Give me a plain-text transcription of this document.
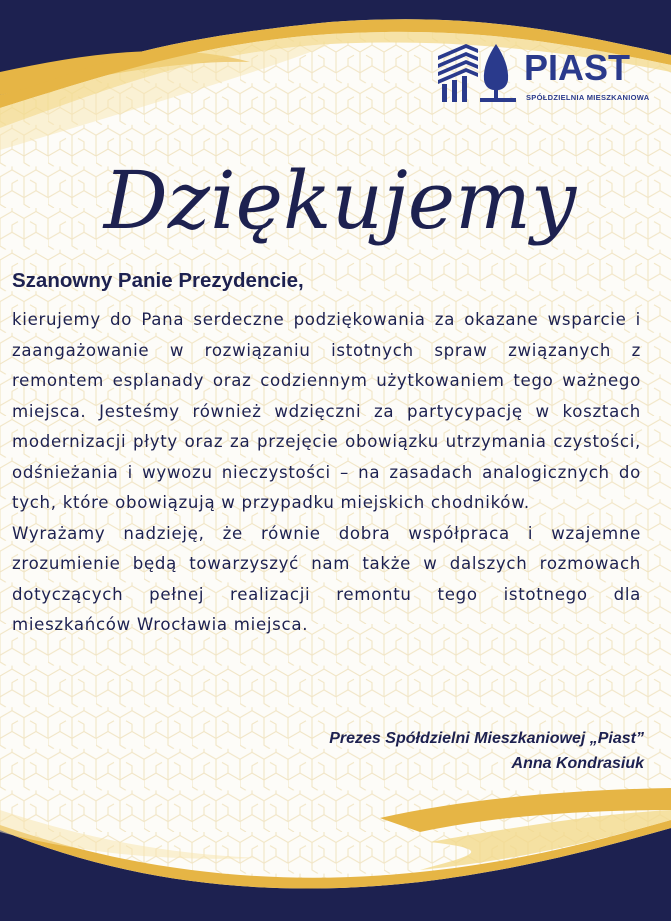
PIAST
SPÓŁDZIELNIA MIESZKANIOWA
Dziękujemy
Szanowny Panie Prezydencie,

kierujemy do Pana serdeczne podziękowania za okazane wsparcie i zaangażowanie w rozwiązaniu istotnych spraw związanych z remontem esplanady oraz codziennym użytkowaniem tego ważnego miejsca. Jesteśmy również wdzięczni za partycypację w kosztach modernizacji płyty oraz za przejęcie obowiązku utrzymania czystości, odśnieżania i wywozu nieczystości – na zasadach analogicznych do tych, które obowiązują w przypadku miejskich chodników.

Wyrażamy nadzieję, że równie dobra współpraca i wzajemne zrozumienie będą towarzyszyć nam także w dalszych rozmowach dotyczących pełnej realizacji remontu tego istotnego dla mieszkańców Wrocławia miejsca.

Prezes Spółdzielni Mieszkaniowej „Piast”
Anna Kondrasiuk
